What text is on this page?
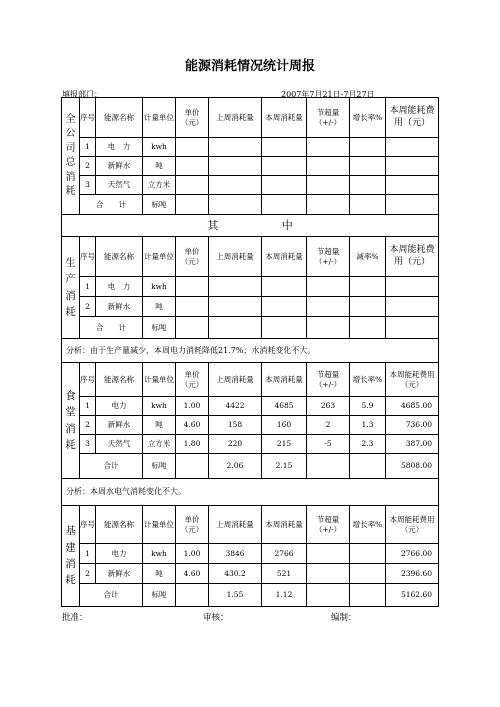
能源消耗情况统计周报
填报部门：	2007年7月21日-7月27日
全公司总消耗	序号	能源名称	计量单位	单价（元）	上周消耗量	本周消耗量	节超量（+/-）	增长率%	本周能耗费用（元）
	1	电　力	kwh						
	2	新鲜水	吨						
	3	天然气	立方米						
	合　　计		标吨						
其 中									
生产消耗	序号	能源名称	计量单位	单价（元）	上周消耗量	本周消耗量	节超量（+/-）	减率%	本周能耗费用（元）
	1	电　力	kwh						
	2	新鲜水	吨						
	合　　计		标吨						
分析：由于生产量减少，本周电力消耗降低21.7%；水消耗变化不大。									
食堂消耗	序号	能源名称	计量单位	单价（元）	上周消耗量	本周消耗量	节超量（+/-）	增长率%	本周能耗费用（元）
	1	电力	kwh	1.00	4422	4685	263	5.9	4685.00
	2	新鲜水	吨	4.60	158	160	2	1.3	736.00
	3	天然气	立方米	1.80	220	215	-5	2.3	387.00
	合计		标吨		2.06	2.15			5808.00
分析：本周水电气消耗变化不大。									
基建消耗	序号	能源名称	计量单位	单价（元）	上周消耗量	本周消耗量	节超量（+/-）	增长率%	本周能耗费用（元）
	1	电力	kwh	1.00	3846	2766			2766.00
	2	新鲜水	吨	4.60	430.2	521			2396.60
	合计		标吨		1.55	1.12			5162.60
批准：	审核：	编制：
